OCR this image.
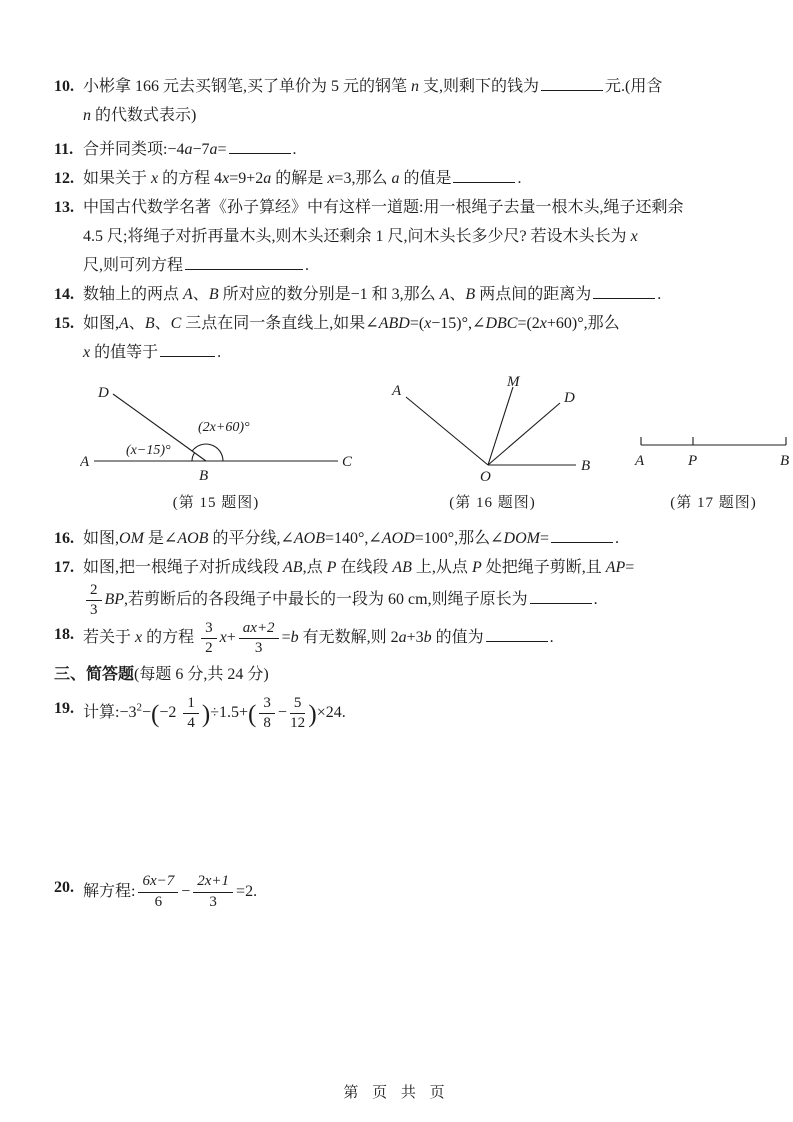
10. 小彬拿 166 元去买钢笔,买了单价为 5 元的钢笔 n 支,则剩下的钱为	元.(用含
n 的代数式表示)
11. 合并同类项:−4a−7a=	.
12. 如果关于 x 的方程 4x=9+2a 的解是 x=3,那么 a 的值是	.
13. 中国古代数学名著《孙子算经》中有这样一道题:用一根绳子去量一根木头,绳子还剩余
4.5 尺;将绳子对折再量木头,则木头还剩余 1 尺,问木头长多少尺? 若设木头长为 x
尺,则可列方程	.
14. 数轴上的两点 A、B 所对应的数分别是−1 和 3,那么 A、B 两点间的距离为	.
15. 如图,A、B、C 三点在同一条直线上,如果∠ABD=(x−15)°,∠DBC=(2x+60)°,那么
x 的值等于	.
A	C
B
D
(x−15)°
(2x+60)°
(第 15 题图)
A
M
D
O
B
(第 16 题图)
A	P	B
(第 17 题图)
16. 如图,OM 是∠AOB 的平分线,∠AOB=140°,∠AOD=100°,那么∠DOM=	.
17. 如图,把一根绳子对折成线段 AB,点 P 在线段 AB 上,从点 P 处把绳子剪断,且 AP=

$\frac{2}{3}$ BP,若剪断后的各段绳子中最长的一段为 60 cm,则绳子原长为	.
18. 若关于 x 的方程 $\frac{3}{2} x+ \frac{ax+2}{3} =b$ 有无数解,则 2a+3b 的值为	.
三、简答题(每题 6 分,共 24 分)
19. 计算$:-3^2-(-2 \frac{1}{4} )\div 1.5+( \frac{3}{8} - \frac{5}{12} )\times 24$.
20. 解方程: $\frac{6x-7}{6} - \frac{2x+1}{3} =2$.
第 页 共 页
